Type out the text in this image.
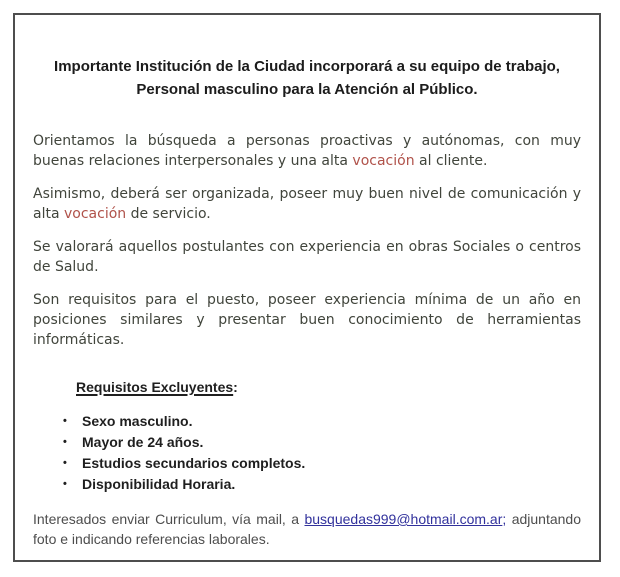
Importante Institución de la Ciudad incorporará a su equipo de trabajo, Personal masculino para la Atención al Público.

Orientamos la búsqueda a personas proactivas y autónomas, con muy buenas relaciones interpersonales y una alta vocación al cliente.

Asimismo, deberá ser organizada, poseer muy buen nivel de comunicación y alta vocación de servicio.

Se valorará aquellos postulantes con experiencia en obras Sociales o centros de Salud.

Son requisitos para el puesto, poseer experiencia mínima de un año en posiciones similares y presentar buen conocimiento de herramientas informáticas.

Requisitos Excluyentes:
• Sexo masculino.
• Mayor de 24 años.
• Estudios secundarios completos.
• Disponibilidad Horaria.

Interesados enviar Curriculum, vía mail, a busquedas999@hotmail.com.ar; adjuntando foto e indicando referencias laborales.
